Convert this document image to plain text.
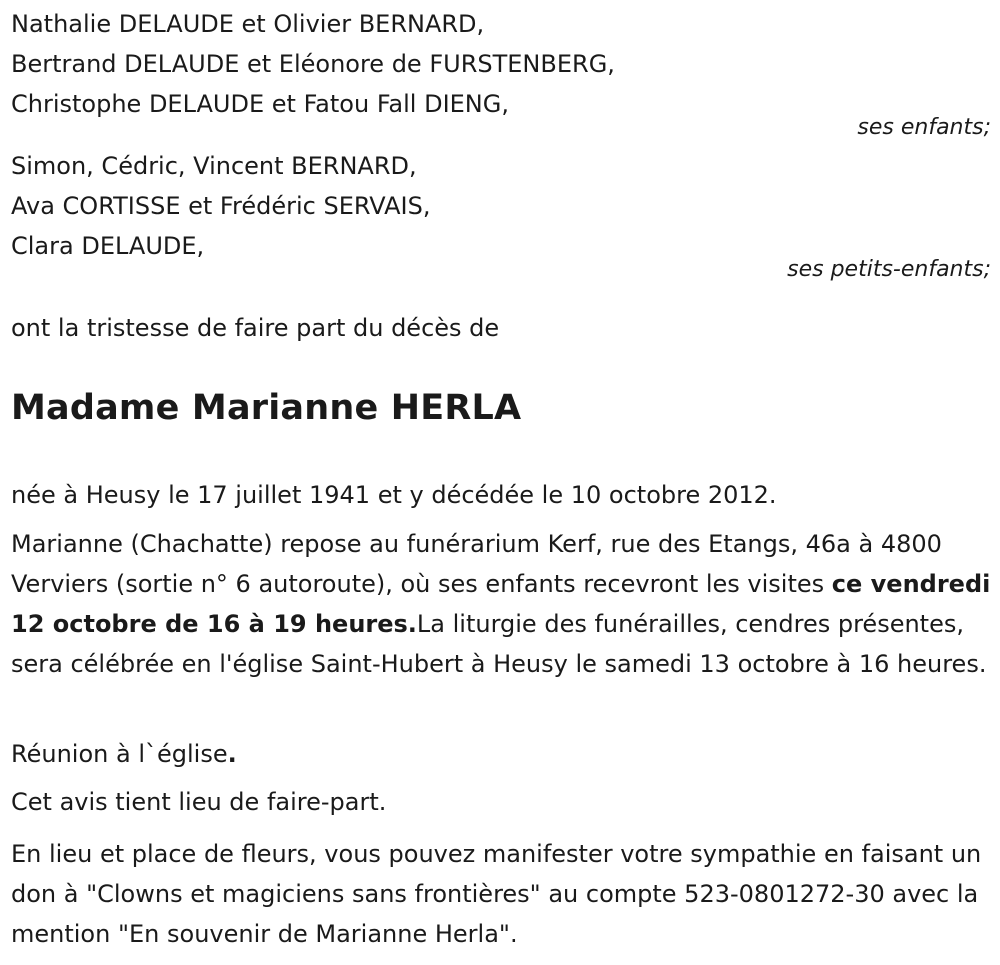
Nathalie DELAUDE et Olivier BERNARD,
Bertrand DELAUDE et Eléonore de FURSTENBERG,
Christophe DELAUDE et Fatou Fall DIENG,
ses enfants;
Simon, Cédric, Vincent BERNARD,
Ava CORTISSE et Frédéric SERVAIS,
Clara DELAUDE,
ses petits-enfants;
ont la tristesse de faire part du décès de
Madame Marianne HERLA
née à Heusy le 17 juillet 1941 et y décédée le 10 octobre 2012.
Marianne (Chachatte) repose au funérarium Kerf, rue des Etangs, 46a à 4800 Verviers (sortie n° 6 autoroute), où ses enfants recevront les visites ce vendredi 12 octobre de 16 à 19 heures.La liturgie des funérailles, cendres présentes, sera célébrée en l'église Saint-Hubert à Heusy le samedi 13 octobre à 16 heures.
Réunion à l`église.
Cet avis tient lieu de faire-part.
En lieu et place de fleurs, vous pouvez manifester votre sympathie en faisant un don à "Clowns et magiciens sans frontières" au compte 523-0801272-30 avec la mention "En souvenir de Marianne Herla".
